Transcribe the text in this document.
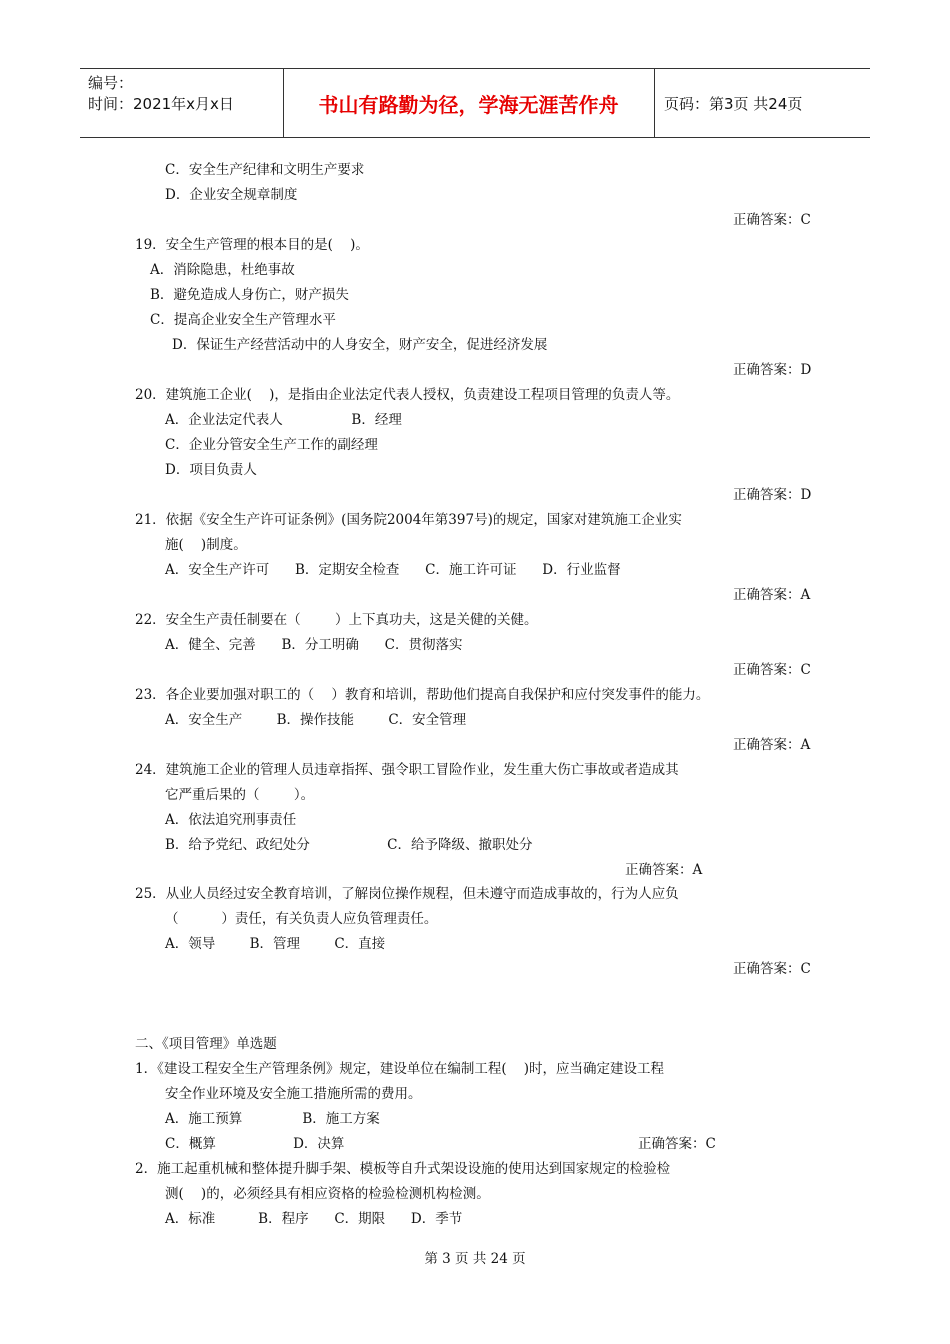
编号：
时间：2021年x月x日	书山有路勤为径，学海无涯苦作舟	页码：第3页 共24页
C．安全生产纪律和文明生产要求
D．企业安全规章制度
正确答案：C
19．安全生产管理的根本目的是(    )。
A．消除隐患，杜绝事故
B．避免造成人身伤亡，财产损失
C．提高企业安全生产管理水平
D．保证生产经营活动中的人身安全，财产安全，促进经济发展
正确答案：D
20．建筑施工企业(    )，是指由企业法定代表人授权，负责建设工程项目管理的负责人等。
A．企业法定代表人                B．经理
C．企业分管安全生产工作的副经理
D．项目负责人
正确答案：D
21．依据《安全生产许可证条例》(国务院2004年第397号)的规定，国家对建筑施工企业实
施(    )制度。
A．安全生产许可      B．定期安全检查      C．施工许可证      D．行业监督
正确答案：A
22．安全生产责任制要在（        ）上下真功夫，这是关健的关健。
A．健全、完善      B．分工明确      C．贯彻落实
正确答案：C
23．各企业要加强对职工的（    ）教育和培训，帮助他们提高自我保护和应付突发事件的能力。
A．安全生产        B．操作技能        C．安全管理
正确答案：A
24．建筑施工企业的管理人员违章指挥、强令职工冒险作业，发生重大伤亡事故或者造成其
它严重后果的（        ）。
A．依法追究刑事责任
B．给予党纪、政纪处分                  C．给予降级、撤职处分
正确答案：A
25．从业人员经过安全教育培训，了解岗位操作规程，但未遵守而造成事故的，行为人应负
（          ）责任，有关负责人应负管理责任。
A．领导        B．管理        C．直接
正确答案：C
二、《项目管理》单选题
1．《建设工程安全生产管理条例》规定，建设单位在编制工程(    )时，应当确定建设工程
安全作业环境及安全施工措施所需的费用。
A．施工预算              B．施工方案
C．概算                  D．决算	正确答案：C
2．施工起重机械和整体提升脚手架、模板等自升式架设设施的使用达到国家规定的检验检
测(    )的，必须经具有相应资格的检验检测机构检测。
A．标准          B．程序      C．期限      D．季节
第 3 页 共 24 页
